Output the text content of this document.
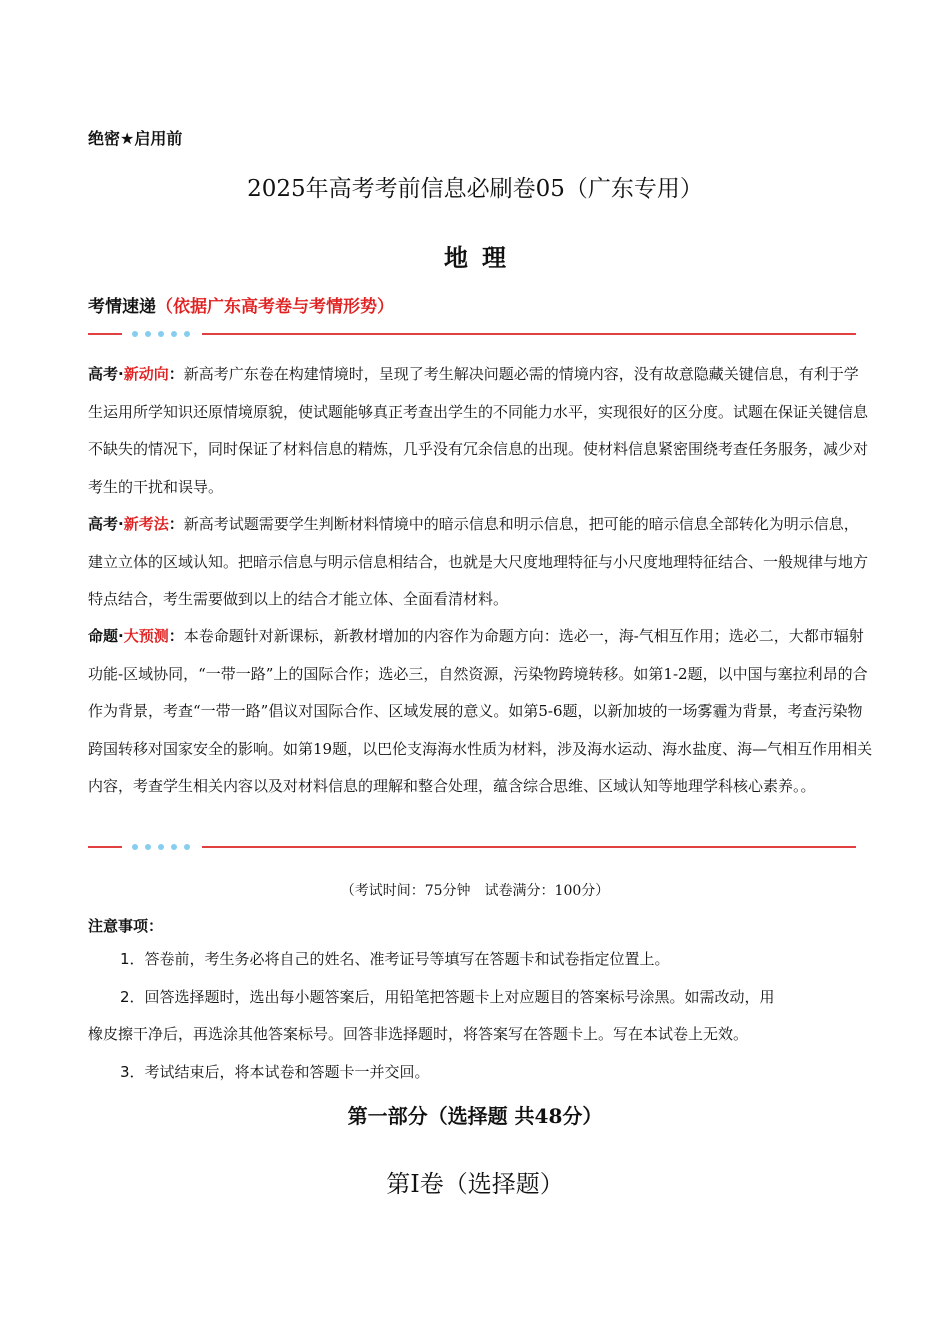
绝密★启用前
2025年高考考前信息必刷卷05（广东专用）
地理
考情速递（依据广东高考卷与考情形势）
高考·新动向：新高考广东卷在构建情境时，呈现了考生解决问题必需的情境内容，没有故意隐藏关键信息，有利于学生运用所学知识还原情境原貌，使试题能够真正考查出学生的不同能力水平，实现很好的区分度。试题在保证关键信息不缺失的情况下，同时保证了材料信息的精炼，几乎没有冗余信息的出现。使材料信息紧密围绕考查任务服务，减少对考生的干扰和误导。
高考·新考法：新高考试题需要学生判断材料情境中的暗示信息和明示信息，把可能的暗示信息全部转化为明示信息，建立立体的区域认知。把暗示信息与明示信息相结合，也就是大尺度地理特征与小尺度地理特征结合、一般规律与地方特点结合，考生需要做到以上的结合才能立体、全面看清材料。
命题·大预测：本卷命题针对新课标，新教材增加的内容作为命题方向：选必一，海-气相互作用；选必二，大都市辐射功能-区域协同，“一带一路”上的国际合作；选必三，自然资源，污染物跨境转移。如第1-2题，以中国与塞拉利昂的合作为背景，考查“一带一路”倡议对国际合作、区域发展的意义。如第5-6题，以新加坡的一场雾霾为背景，考查污染物跨国转移对国家安全的影响。如第19题，以巴伦支海海水性质为材料，涉及海水运动、海水盐度、海—气相互作用相关内容，考查学生相关内容以及对材料信息的理解和整合处理，蕴含综合思维、区域认知等地理学科核心素养。。
（考试时间：75分钟　试卷满分：100分）
注意事项：
1．答卷前，考生务必将自己的姓名、准考证号等填写在答题卡和试卷指定位置上。
2．回答选择题时，选出每小题答案后，用铅笔把答题卡上对应题目的答案标号涂黑。如需改动，用
橡皮擦干净后，再选涂其他答案标号。回答非选择题时，将答案写在答题卡上。写在本试卷上无效。
3．考试结束后，将本试卷和答题卡一并交回。
第一部分（选择题 共48分）
第Ⅰ卷（选择题）
